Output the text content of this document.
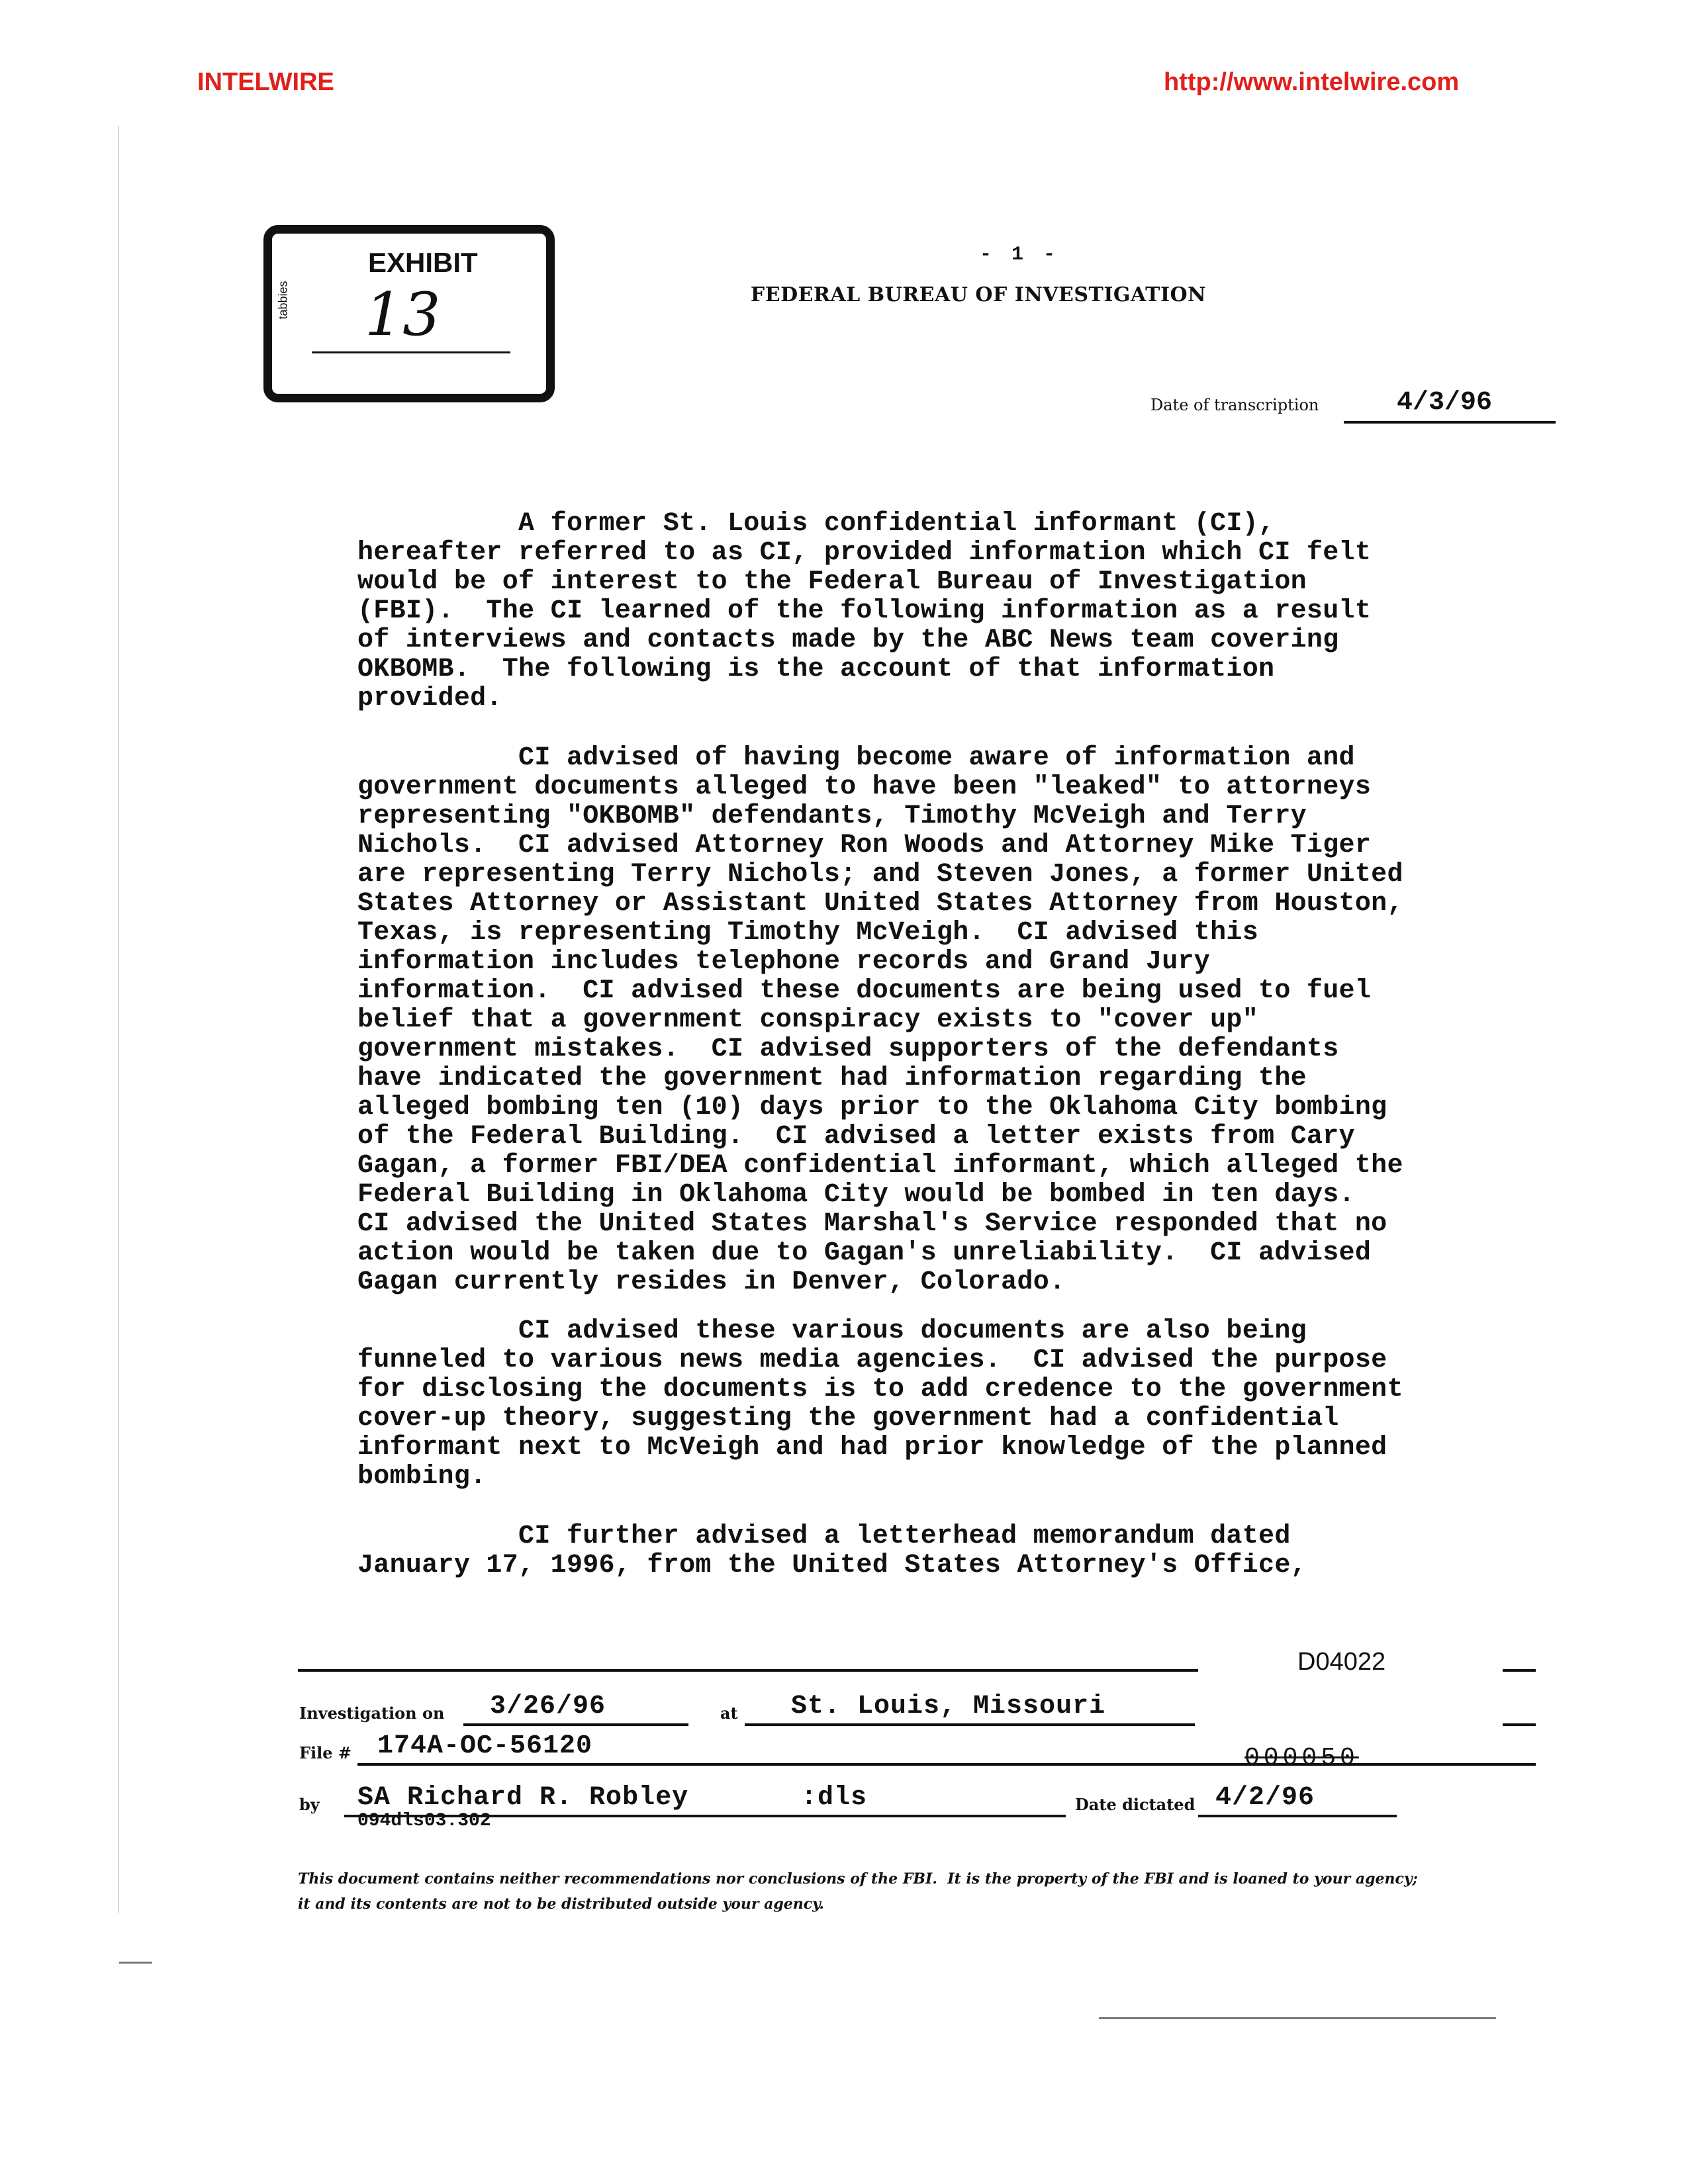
INTELWIRE	http://www.intelwire.com
EXHIBIT
tabbies 13
- 1 -
FEDERAL BUREAU OF INVESTIGATION
Date of transcription	4/3/96
A former St. Louis confidential informant (CI),
hereafter referred to as CI, provided information which CI felt
would be of interest to the Federal Bureau of Investigation
(FBI).  The CI learned of the following information as a result
of interviews and contacts made by the ABC News team covering
OKBOMB.  The following is the account of that information
provided.
CI advised of having become aware of information and
government documents alleged to have been "leaked" to attorneys
representing "OKBOMB" defendants, Timothy McVeigh and Terry
Nichols.  CI advised Attorney Ron Woods and Attorney Mike Tiger
are representing Terry Nichols; and Steven Jones, a former United
States Attorney or Assistant United States Attorney from Houston,
Texas, is representing Timothy McVeigh.  CI advised this
information includes telephone records and Grand Jury
information.  CI advised these documents are being used to fuel
belief that a government conspiracy exists to "cover up"
government mistakes.  CI advised supporters of the defendants
have indicated the government had information regarding the
alleged bombing ten (10) days prior to the Oklahoma City bombing
of the Federal Building.  CI advised a letter exists from Cary
Gagan, a former FBI/DEA confidential informant, which alleged the
Federal Building in Oklahoma City would be bombed in ten days.
CI advised the United States Marshal's Service responded that no
action would be taken due to Gagan's unreliability.  CI advised
Gagan currently resides in Denver, Colorado.
CI advised these various documents are also being
funneled to various news media agencies.  CI advised the purpose
for disclosing the documents is to add credence to the government
cover-up theory, suggesting the government had a confidential
informant next to McVeigh and had prior knowledge of the planned
bombing.
CI further advised a letterhead memorandum dated
January 17, 1996, from the United States Attorney's Office,
D04022
Investigation on 3/26/96	at St. Louis, Missouri
File # 174A-OC-56120	000050
by SA Richard R. Robley	:dls	Date dictated 4/2/96
094dls03.302
This document contains neither recommendations nor conclusions of the FBI.  It is the property of the FBI and is loaned to your agency;
it and its contents are not to be distributed outside your agency.
